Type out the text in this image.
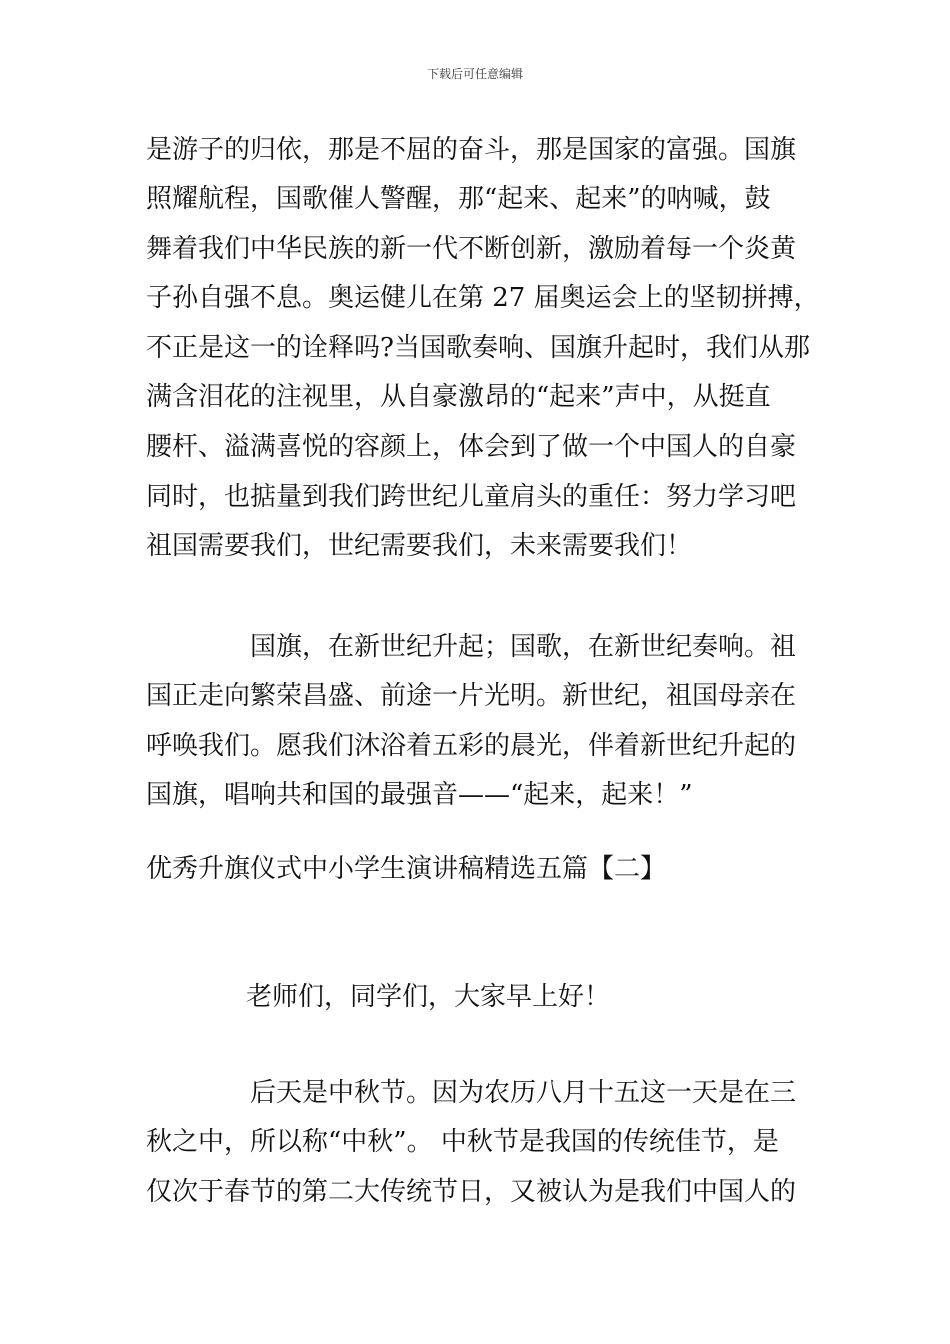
下载后可任意编辑
是游子的归依，那是不屈的奋斗，那是国家的富强。国旗
照耀航程，国歌催人警醒，那“起来、起来”的呐喊，鼓
舞着我们中华民族的新一代不断创新，激励着每一个炎黄
子孙自强不息。奥运健儿在第 27 届奥运会上的坚韧拼搏，
不正是这一的诠释吗?当国歌奏响、国旗升起时，我们从那
满含泪花的注视里，从自豪激昂的“起来”声中，从挺直
腰杆、溢满喜悦的容颜上，体会到了做一个中国人的自豪
同时，也掂量到我们跨世纪儿童肩头的重任：努力学习吧
祖国需要我们，世纪需要我们，未来需要我们！
国旗，在新世纪升起；国歌，在新世纪奏响。祖
国正走向繁荣昌盛、前途一片光明。新世纪，祖国母亲在
呼唤我们。愿我们沐浴着五彩的晨光，伴着新世纪升起的
国旗，唱响共和国的最强音——“起来，起来！”
优秀升旗仪式中小学生演讲稿精选五篇【二】
老师们，同学们，大家早上好！
后天是中秋节。因为农历八月十五这一天是在三
秋之中，所以称“中秋”。 中秋节是我国的传统佳节，是
仅次于春节的第二大传统节日，又被认为是我们中国人的
